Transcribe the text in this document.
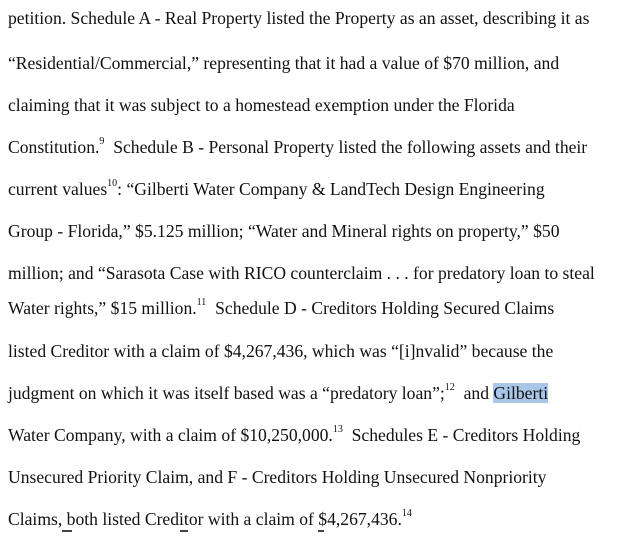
petition. Schedule A - Real Property listed the Property as an asset, describing it as
“Residential/Commercial,” representing that it had a value of $70 million, and
claiming that it was subject to a homestead exemption under the Florida
Constitution.$^9$  Schedule B - Personal Property listed the following assets and their
current values$^{10}$: “Gilberti Water Company & LandTech Design Engineering
Group - Florida,” $5.125 million; “Water and Mineral rights on property,” $50
million; and “Sarasota Case with RICO counterclaim . . . for predatory loan to steal
Water rights,” $15 million.$^{11}$  Schedule D - Creditors Holding Secured Claims
listed Creditor with a claim of $4,267,436, which was “[i]nvalid” because the
judgment on which it was itself based was a “predatory loan”;$^{12}$  and Gilberti
Water Company, with a claim of $10,250,000.13  Schedules E - Creditors Holding
Unsecured Priority Claim, and F - Creditors Holding Unsecured Nonpriority
Claims, both listed Creditor with a claim of $4,267,436.14
